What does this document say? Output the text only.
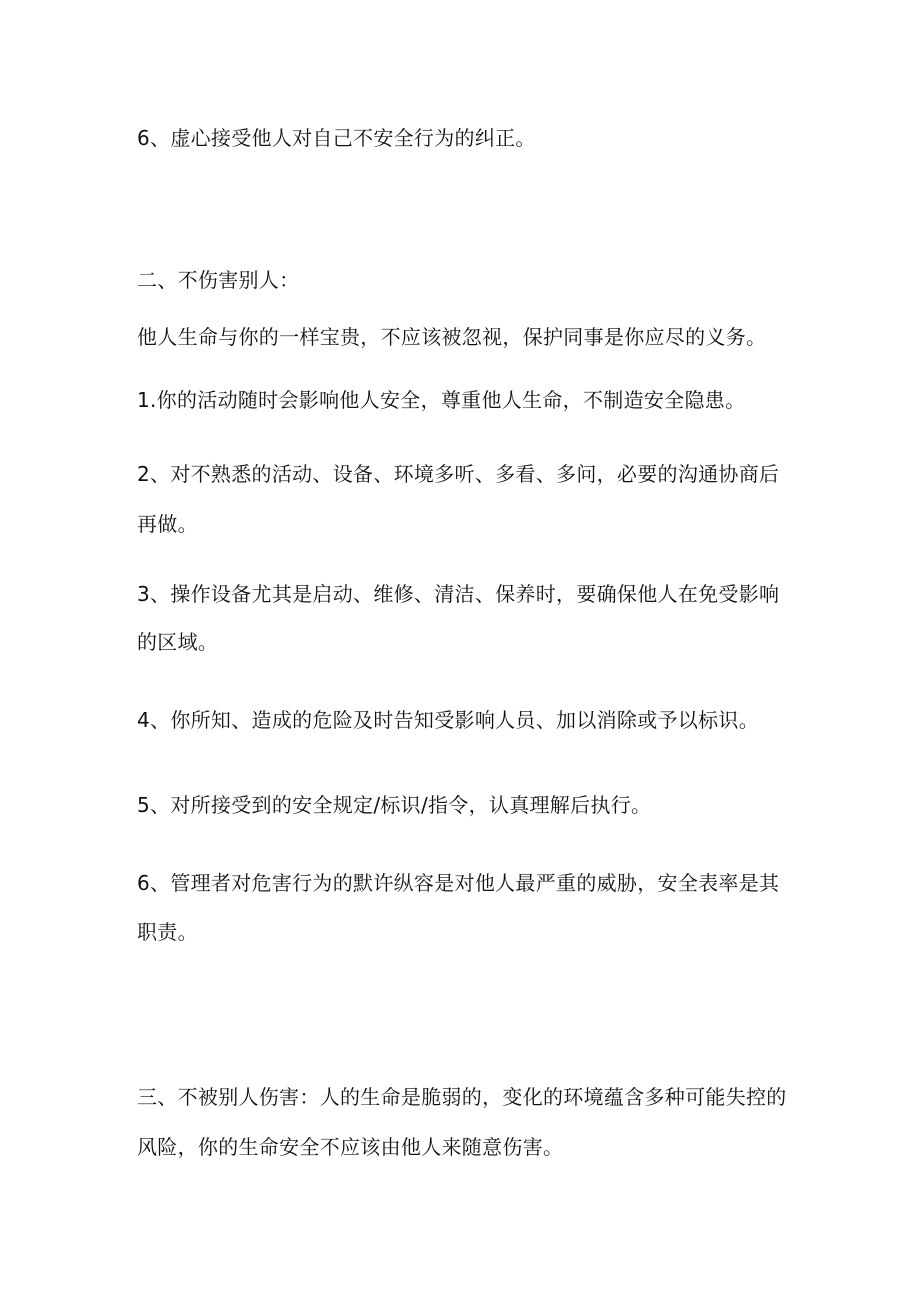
6、虚心接受他人对自己不安全行为的纠正。
二、不伤害别人：
他人生命与你的一样宝贵，不应该被忽视，保护同事是你应尽的义务。
1.你的活动随时会影响他人安全，尊重他人生命，不制造安全隐患。
2、对不熟悉的活动、设备、环境多听、多看、多问，必要的沟通协商后
再做。
3、操作设备尤其是启动、维修、清洁、保养时，要确保他人在免受影响
的区域。
4、你所知、造成的危险及时告知受影响人员、加以消除或予以标识。
5、对所接受到的安全规定/标识/指令，认真理解后执行。
6、管理者对危害行为的默许纵容是对他人最严重的威胁，安全表率是其
职责。
三、不被别人伤害：人的生命是脆弱的，变化的环境蕴含多种可能失控的
风险，你的生命安全不应该由他人来随意伤害。
